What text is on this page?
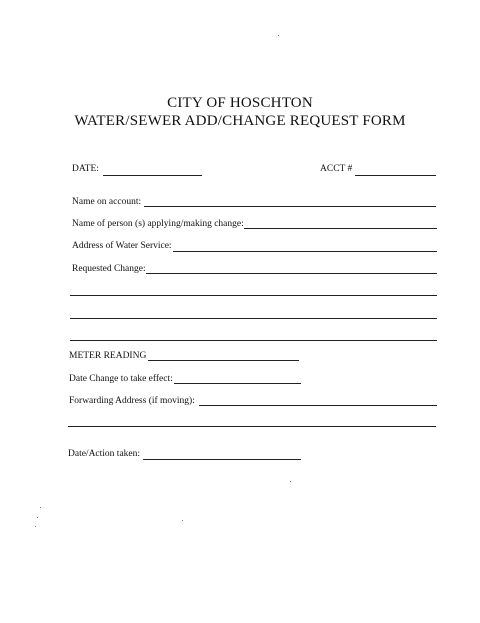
CITY OF HOSCHTON
WATER/SEWER ADD/CHANGE REQUEST FORM
DATE:	ACCT #
Name on account:
Name of person (s) applying/making change:
Address of Water Service:
Requested Change:
METER READING
Date Change to take effect:
Forwarding Address (if moving):
Date/Action taken:
